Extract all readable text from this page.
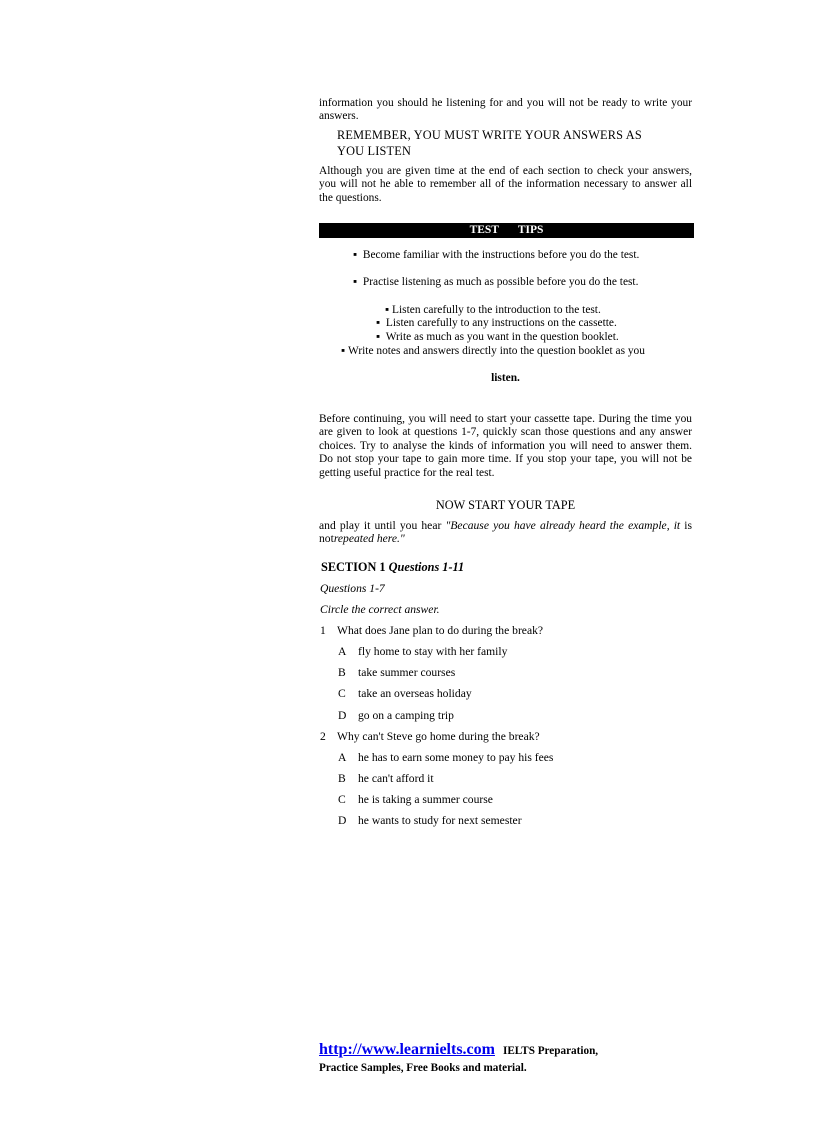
information you should he listening for and you will not be ready to write your answers.

REMEMBER, YOU MUST WRITE YOUR ANSWERS AS
YOU LISTEN

Although you are given time at the end of each section to check your answers, you will not he able to remember all of the information necessary to answer all the questions.

TEST TIPS

▪ Become familiar with the instructions before you do the test.

▪ Practise listening as much as possible before you do the test.

▪ Listen carefully to the introduction to the test.

▪ Listen carefully to any instructions on the cassette.

▪ Write as much as you want in the question booklet.

▪ Write notes and answers directly into the question booklet as you

listen.

Before continuing, you will need to start your cassette tape. During the time you are given to look at questions 1-7, quickly scan those questions and any answer choices. Try to analyse the kinds of information you will need to answer them. Do not stop your tape to gain more time. If you stop your tape, you will not be getting useful practice for the real test.

NOW START YOUR TAPE

and play it until you hear "Because you have already heard the example, it is notrepeated here."

SECTION 1 Questions 1-11
Questions 1-7
Circle the correct answer.
1 What does Jane plan to do during the break?
A fly home to stay with her family
B take summer courses
C take an overseas holiday
D go on a camping trip
2 Why can't Steve go home during the break?
A he has to earn some money to pay his fees
B he can't afford it
C he is taking a summer course
D he wants to study for next semester
http://www.learnielts.com IELTS Preparation,
Practice Samples, Free Books and material.
